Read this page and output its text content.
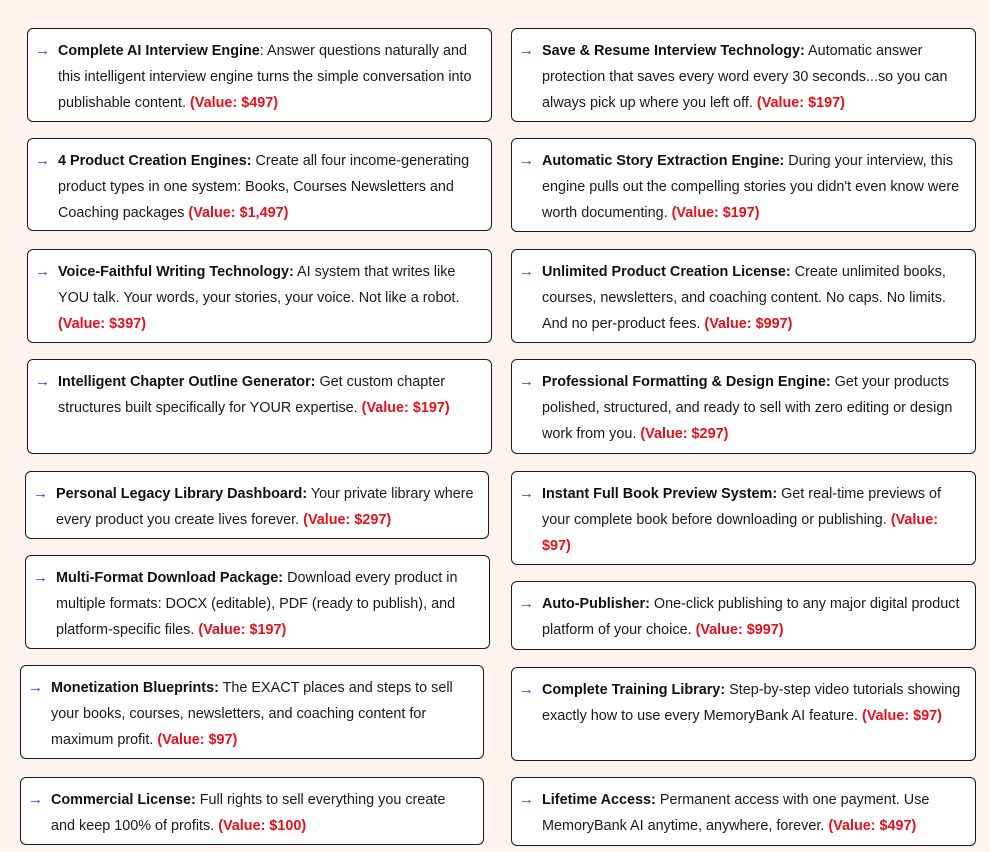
→ Complete AI Interview Engine: Answer questions naturally and this intelligent interview engine turns the simple conversation into publishable content. (Value: $497)
→ 4 Product Creation Engines: Create all four income-generating product types in one system: Books, Courses Newsletters and Coaching packages (Value: $1,497)
→ Voice-Faithful Writing Technology: AI system that writes like YOU talk. Your words, your stories, your voice. Not like a robot. (Value: $397)
→ Intelligent Chapter Outline Generator: Get custom chapter structures built specifically for YOUR expertise. (Value: $197)
→ Personal Legacy Library Dashboard: Your private library where every product you create lives forever. (Value: $297)
→ Multi-Format Download Package: Download every product in multiple formats: DOCX (editable), PDF (ready to publish), and platform-specific files. (Value: $197)
→ Monetization Blueprints: The EXACT places and steps to sell your books, courses, newsletters, and coaching content for maximum profit. (Value: $97)
→ Commercial License: Full rights to sell everything you create and keep 100% of profits. (Value: $100)
→ Save & Resume Interview Technology: Automatic answer protection that saves every word every 30 seconds...so you can always pick up where you left off. (Value: $197)
→ Automatic Story Extraction Engine: During your interview, this engine pulls out the compelling stories you didn't even know were worth documenting. (Value: $197)
→ Unlimited Product Creation License: Create unlimited books, courses, newsletters, and coaching content. No caps. No limits. And no per-product fees. (Value: $997)
→ Professional Formatting & Design Engine: Get your products polished, structured, and ready to sell with zero editing or design work from you. (Value: $297)
→ Instant Full Book Preview System: Get real-time previews of your complete book before downloading or publishing. (Value: $97)
→ Auto-Publisher: One-click publishing to any major digital product platform of your choice. (Value: $997)
→ Complete Training Library: Step-by-step video tutorials showing exactly how to use every MemoryBank AI feature. (Value: $97)
→ Lifetime Access: Permanent access with one payment. Use MemoryBank AI anytime, anywhere, forever. (Value: $497)
